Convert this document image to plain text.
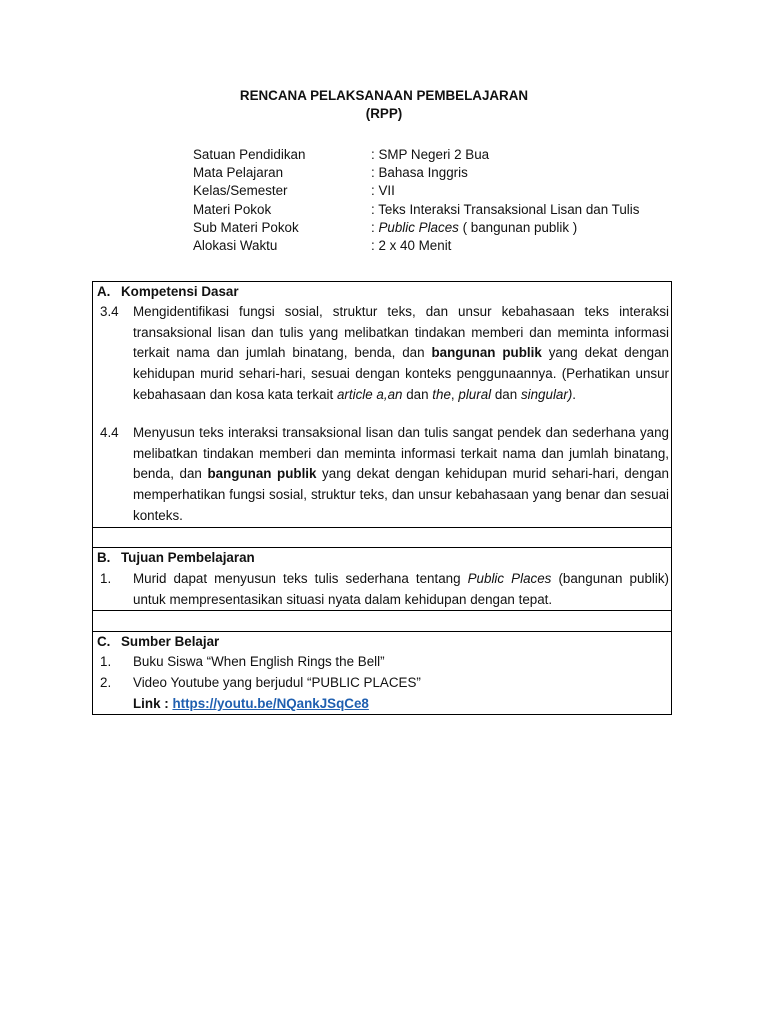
RENCANA PELAKSANAAN PEMBELAJARAN
(RPP)
Satuan Pendidikan	: SMP Negeri 2 Bua
Mata Pelajaran	: Bahasa Inggris
Kelas/Semester	: VII
Materi Pokok	: Teks Interaksi Transaksional Lisan dan Tulis
Sub Materi Pokok	: Public Places ( bangunan publik )
Alokasi Waktu	: 2 x 40 Menit
A. Kompetensi Dasar
3.4 Mengidentifikasi fungsi sosial, struktur teks, dan unsur kebahasaan teks interaksi transaksional lisan dan tulis yang melibatkan tindakan memberi dan meminta informasi terkait nama dan jumlah binatang, benda, dan bangunan publik yang dekat dengan kehidupan murid sehari-hari, sesuai dengan konteks penggunaannya. (Perhatikan unsur kebahasaan dan kosa kata terkait article a,an dan the, plural dan singular).
4.4 Menyusun teks interaksi transaksional lisan dan tulis sangat pendek dan sederhana yang melibatkan tindakan memberi dan meminta informasi terkait nama dan jumlah binatang, benda, dan bangunan publik yang dekat dengan kehidupan murid sehari-hari, dengan memperhatikan fungsi sosial, struktur teks, dan unsur kebahasaan yang benar dan sesuai konteks.
B. Tujuan Pembelajaran
1. Murid dapat menyusun teks tulis sederhana tentang Public Places (bangunan publik) untuk mempresentasikan situasi nyata dalam kehidupan dengan tepat.
C. Sumber Belajar
1. Buku Siswa “When English Rings the Bell”
2. Video Youtube yang berjudul “PUBLIC PLACES”
Link : https://youtu.be/NQankJSqCe8
